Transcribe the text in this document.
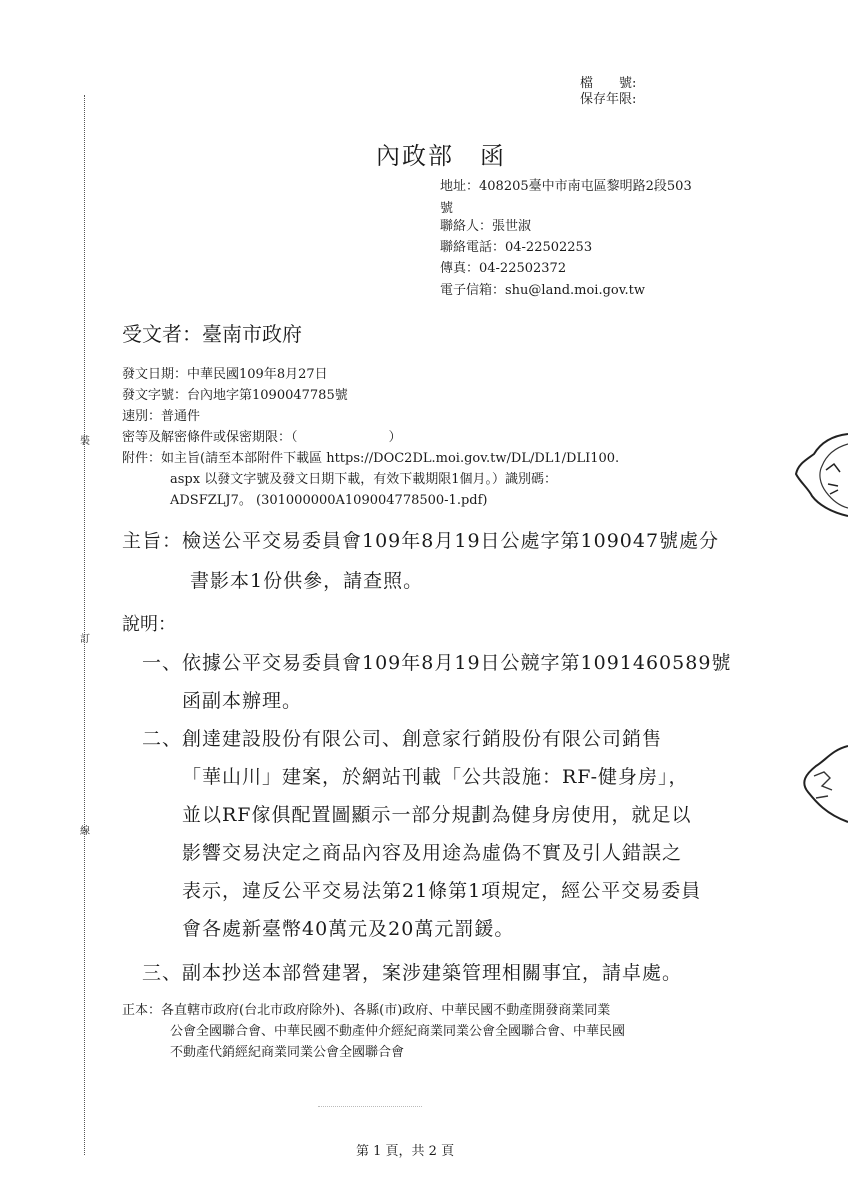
裝
訂
線
檔　　號:
保存年限:
內政部　函
地址：408205臺中市南屯區黎明路2段503
號
聯絡人：張世淑
聯絡電話：04-22502253
傳真：04-22502372
電子信箱：shu@land.moi.gov.tw
受文者：臺南市政府
發文日期：中華民國109年8月27日
發文字號：台內地字第1090047785號
速別：普通件
密等及解密條件或保密期限：（　　　　　　　）
附件：如主旨(請至本部附件下載區 https://DOC2DL.moi.gov.tw/DL/DL1/DLI100.
aspx 以發文字號及發文日期下載，有效下載期限1個月。）識別碼：
ADSFZLJ7。 (301000000A109004778500-1.pdf)
主旨：檢送公平交易委員會109年8月19日公處字第109047號處分
書影本1份供參，請查照。
說明：
一、依據公平交易委員會109年8月19日公競字第1091460589號
函副本辦理。
二、創達建設股份有限公司、創意家行銷股份有限公司銷售
「華山川」建案，於網站刊載「公共設施：RF-健身房」，
並以RF傢俱配置圖顯示一部分規劃為健身房使用，就足以
影響交易決定之商品內容及用途為虛偽不實及引人錯誤之
表示，違反公平交易法第21條第1項規定，經公平交易委員
會各處新臺幣40萬元及20萬元罰鍰。
三、副本抄送本部營建署，案涉建築管理相關事宜，請卓處。
正本：各直轄市政府(台北市政府除外)、各縣(市)政府、中華民國不動產開發商業同業
公會全國聯合會、中華民國不動產仲介經紀商業同業公會全國聯合會、中華民國
不動產代銷經紀商業同業公會全國聯合會
第 1 頁，共 2 頁
